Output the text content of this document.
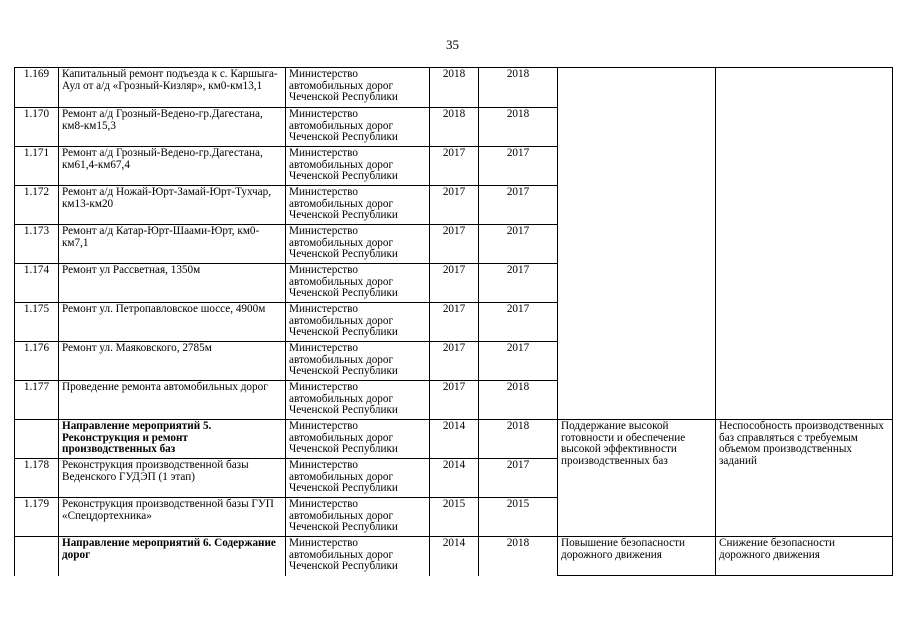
35
1.169	Капитальный ремонт подъезда к с. Каршыга-Аул от а/д «Грозный-Кизляр», км0-км13,1	Министерство автомобильных дорог Чеченской Республики	2018	2018		
1.170	Ремонт а/д Грозный-Ведено-гр.Дагестана, км8-км15,3	Министерство автомобильных дорог Чеченской Республики	2018	2018		
1.171	Ремонт а/д Грозный-Ведено-гр.Дагестана, км61,4-км67,4	Министерство автомобильных дорог Чеченской Республики	2017	2017		
1.172	Ремонт а/д Ножай-Юрт-Замай-Юрт-Тухчар, км13-км20	Министерство автомобильных дорог Чеченской Республики	2017	2017		
1.173	Ремонт а/д Катар-Юрт-Шаами-Юрт, км0-км7,1	Министерство автомобильных дорог Чеченской Республики	2017	2017		
1.174	Ремонт ул Рассветная, 1350м	Министерство автомобильных дорог Чеченской Республики	2017	2017		
1.175	Ремонт ул. Петропавловское шоссе, 4900м	Министерство автомобильных дорог Чеченской Республики	2017	2017		
1.176	Ремонт ул. Маяковского, 2785м	Министерство автомобильных дорог Чеченской Республики	2017	2017		
1.177	Проведение ремонта автомобильных дорог	Министерство автомобильных дорог Чеченской Республики	2017	2018		
	Направление мероприятий 5. Реконструкция и ремонт производственных баз	Министерство автомобильных дорог Чеченской Республики	2014	2018	Поддержание высокой готовности и обеспечение высокой эффективности производственных баз	Неспособность производственных баз справляться с требуемым объемом производственных заданий
1.178	Реконструкция производственной базы Веденского ГУДЭП (1 этап)	Министерство автомобильных дорог Чеченской Республики	2014	2017		
1.179	Реконструкция производственной базы ГУП «Спецдортехника»	Министерство автомобильных дорог Чеченской Республики	2015	2015		
	Направление мероприятий 6. Содержание дорог	Министерство автомобильных дорог Чеченской Республики	2014	2018	Повышение безопасности дорожного движения	Снижение безопасности дорожного движения
